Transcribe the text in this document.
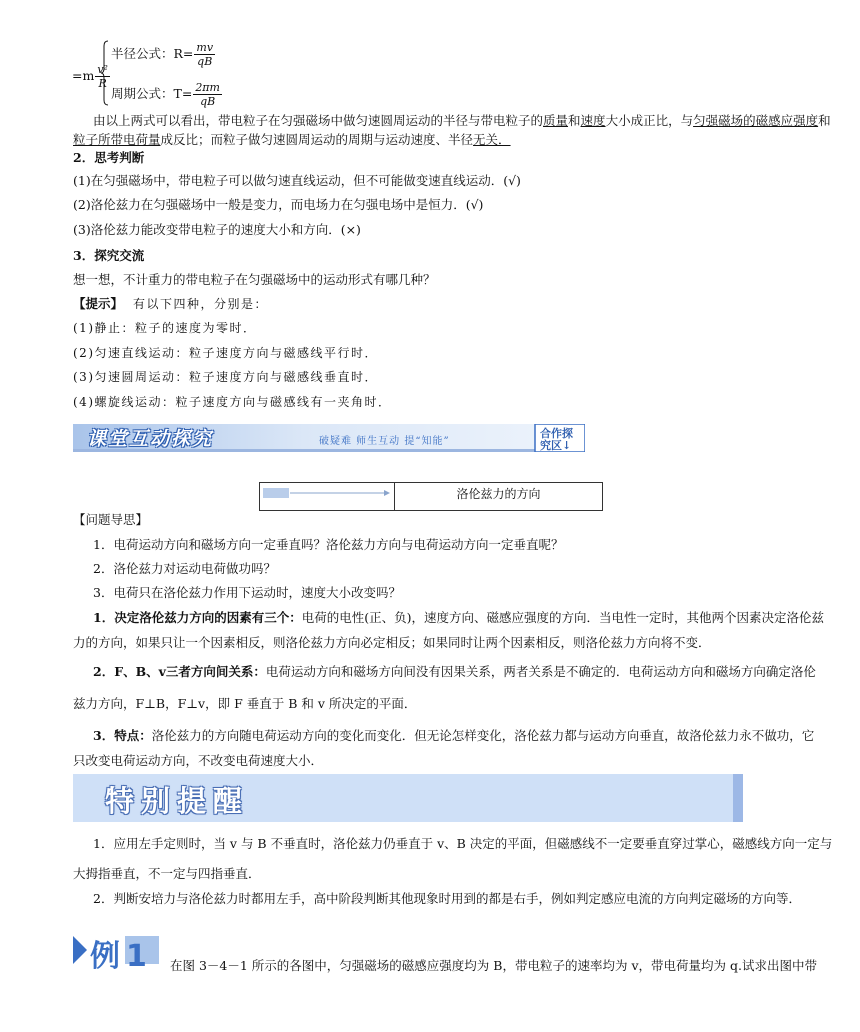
$=m \frac{\text{v²}}{R}$
半径公式：$R= \frac{mv}{qB}$
周期公式：$T= \frac{2\pi m}{qB}$
由以上两式可以看出，带电粒子在匀强磁场中做匀速圆周运动的半径与带电粒子的质量和速度大小成正比，与匀强磁场的磁感应强度和
粒子所带电荷量成反比；而粒子做匀速圆周运动的周期与运动速度、半径无关．
2．思考判断
(1)在匀强磁场中，带电粒子可以做匀速直线运动，但不可能做变速直线运动．(√)
(2)洛伦兹力在匀强磁场中一般是变力，而电场力在匀强电场中是恒力．(√)
(3)洛伦兹力能改变带电粒子的速度大小和方向．(×)
3．探究交流
想一想，不计重力的带电粒子在匀强磁场中的运动形式有哪几种？
【提示】 有以下四种，分别是：
(1)静止：粒子的速度为零时．
(2)匀速直线运动：粒子速度方向与磁感线平行时．
(3)匀速圆周运动：粒子速度方向与磁感线垂直时．
(4)螺旋线运动：粒子速度方向与磁感线有一夹角时．
课堂互动探究	破疑难 师生互动 提“知能”
合作探
究区↓
洛伦兹力的方向
【问题导思】
1．电荷运动方向和磁场方向一定垂直吗？洛伦兹力方向与电荷运动方向一定垂直呢？
2．洛伦兹力对运动电荷做功吗？
3．电荷只在洛伦兹力作用下运动时，速度大小改变吗？
1．决定洛伦兹力方向的因素有三个：电荷的电性(正、负)，速度方向、磁感应强度的方向．当电性一定时，其他两个因素决定洛伦兹
力的方向，如果只让一个因素相反，则洛伦兹力方向必定相反；如果同时让两个因素相反，则洛伦兹力方向将不变．
2．F、B、v三者方向间关系：电荷运动方向和磁场方向间没有因果关系，两者关系是不确定的．电荷运动方向和磁场方向确定洛伦
兹力方向，F⊥B，F⊥v，即 F 垂直于 B 和 v 所决定的平面．
3．特点：洛伦兹力的方向随电荷运动方向的变化而变化．但无论怎样变化，洛伦兹力都与运动方向垂直，故洛伦兹力永不做功，它
只改变电荷运动方向，不改变电荷速度大小．
特别提醒
1．应用左手定则时，当 v 与 B 不垂直时，洛伦兹力仍垂直于 v、B 决定的平面，但磁感线不一定要垂直穿过掌心，磁感线方向一定与
大拇指垂直，不一定与四指垂直．
2．判断安培力与洛伦兹力时都用左手，高中阶段判断其他现象时用到的都是右手，例如判定感应电流的方向判定磁场的方向等．
例1 在图 3－4－1 所示的各图中，匀强磁场的磁感应强度均为 B，带电粒子的速率均为 v，带电荷量均为 q.试求出图中带
